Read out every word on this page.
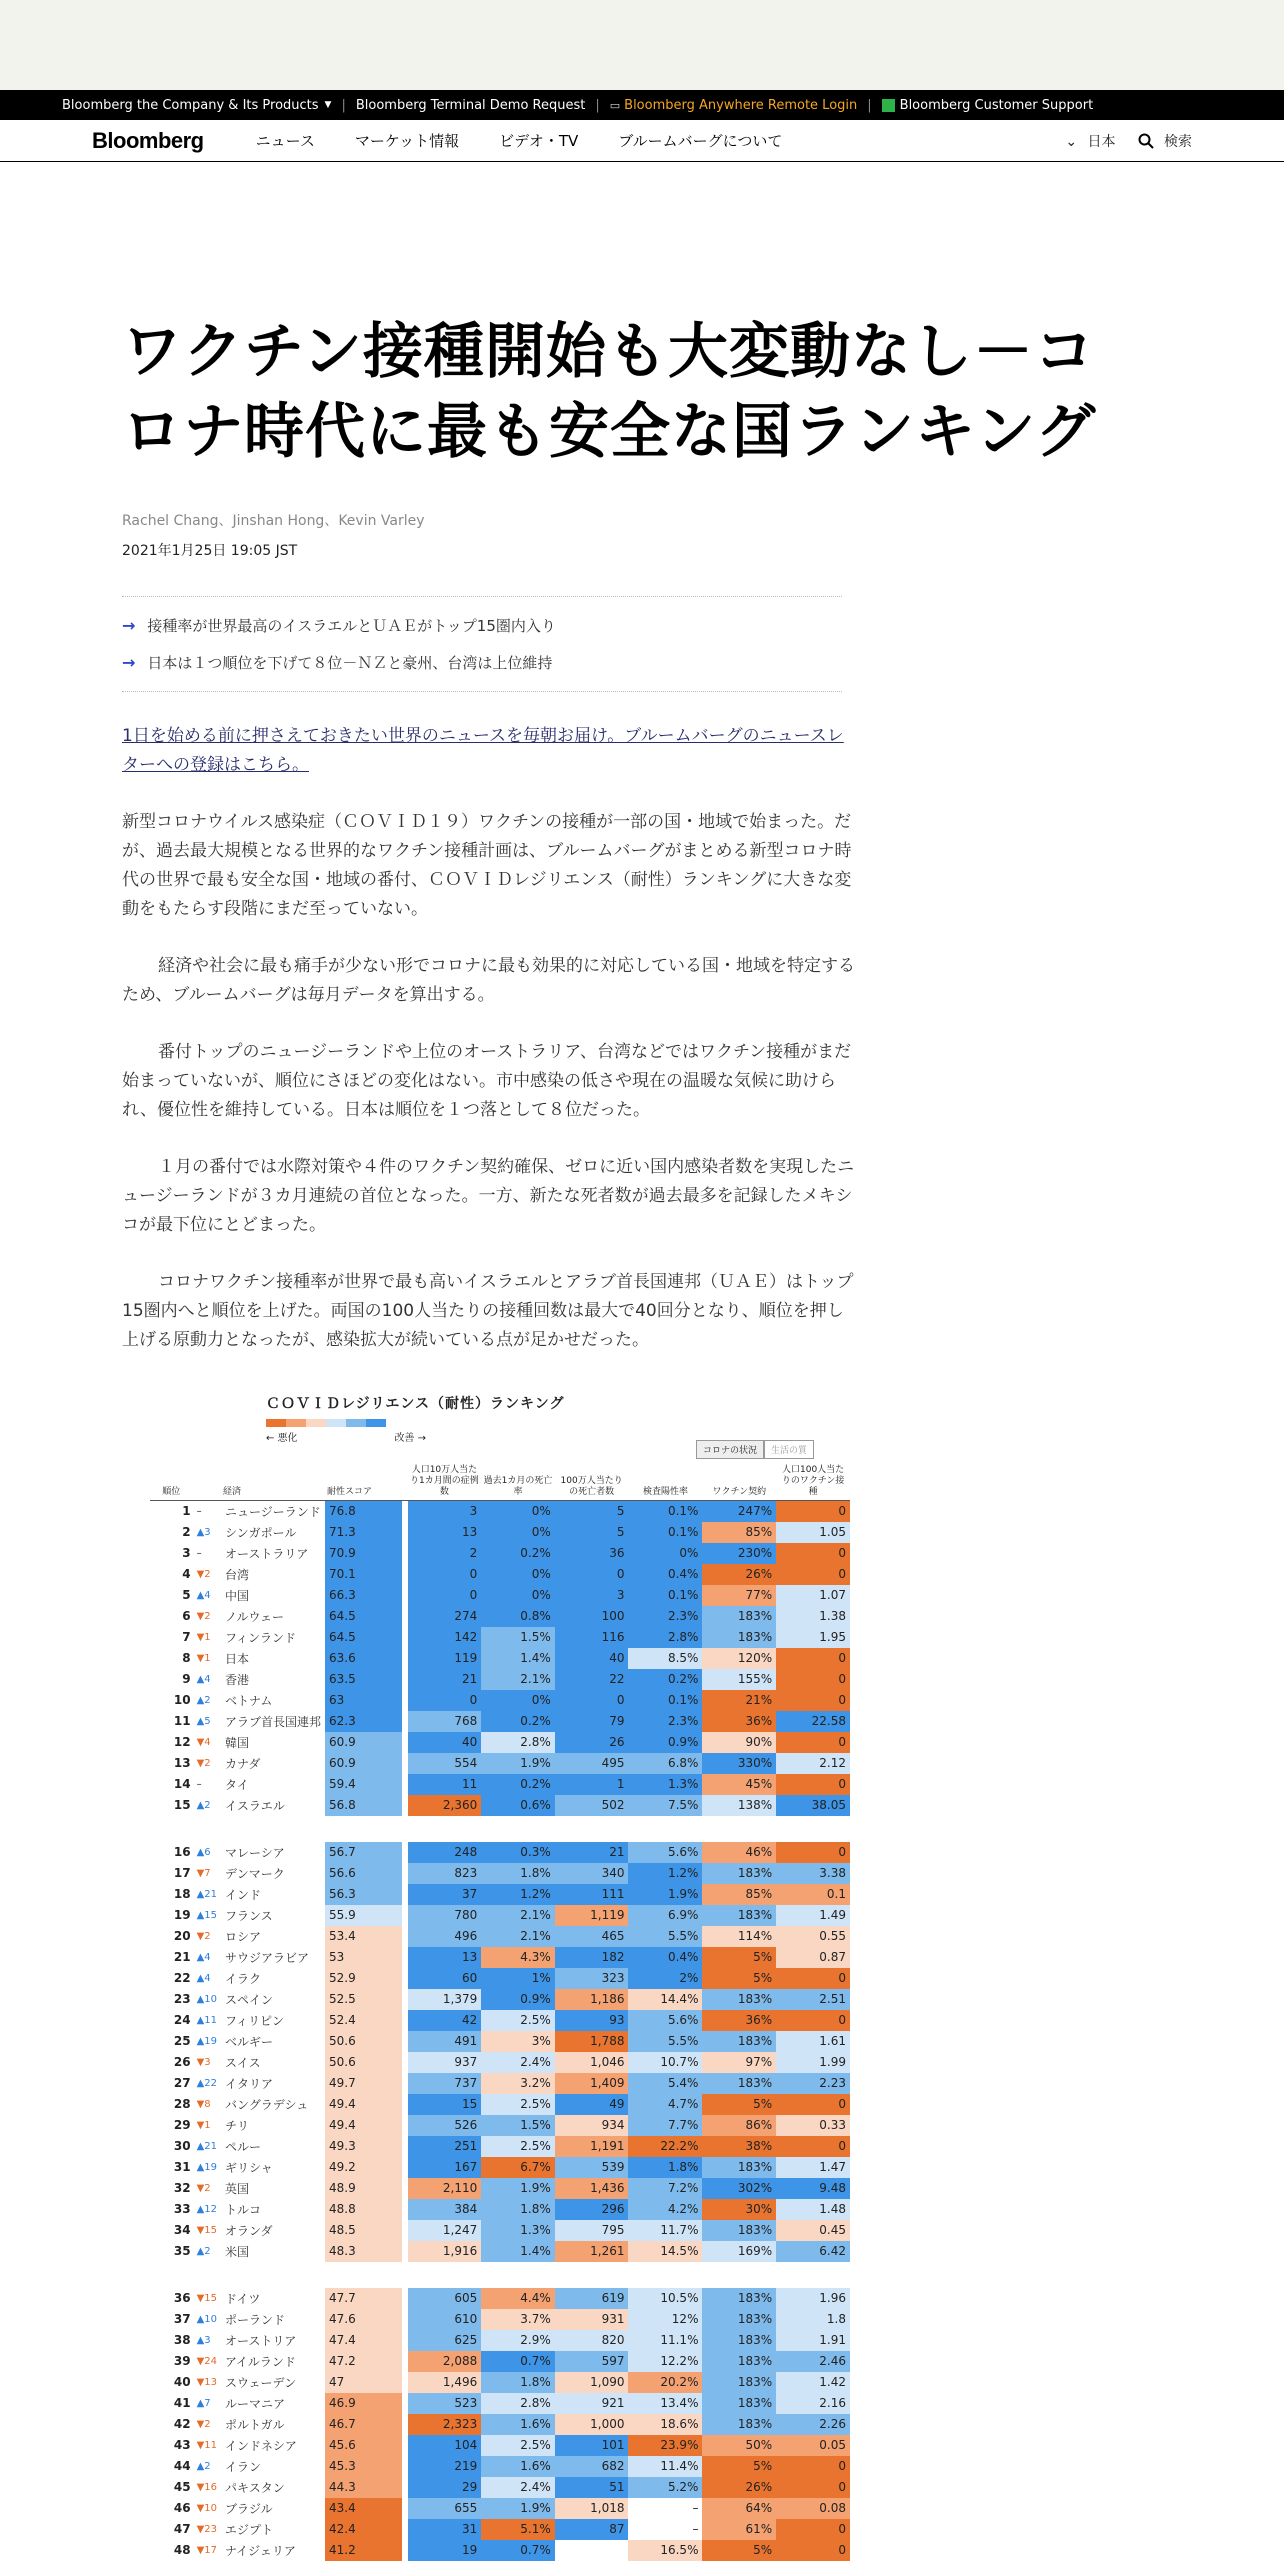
Bloomberg the Company & Its Products ▼ | Bloomberg Terminal Demo Request | ▭ Bloomberg Anywhere Remote Login | Bloomberg Customer Support
Bloomberg	ニュース	マーケット情報	ビデオ・TV	ブルームバーグについて	⌄ 日本	検索
ワクチン接種開始も大変動なし－コロナ時代に最も安全な国ランキング
Rachel Chang、Jinshan Hong、Kevin Varley
2021年1月25日 19:05 JST
→ 接種率が世界最高のイスラエルとＵＡＥがトップ15圏内入り
→ 日本は１つ順位を下げて８位－ＮＺと豪州、台湾は上位維持
1日を始める前に押さえておきたい世界のニュースを毎朝お届け。ブルームバーグのニュースレターへの登録はこちら。

新型コロナウイルス感染症（ＣＯＶＩＤ１９）ワクチンの接種が一部の国・地域で始まった。だが、過去最大規模となる世界的なワクチン接種計画は、ブルームバーグがまとめる新型コロナ時代の世界で最も安全な国・地域の番付、ＣＯＶＩＤレジリエンス（耐性）ランキングに大きな変動をもたらす段階にまだ至っていない。

経済や社会に最も痛手が少ない形でコロナに最も効果的に対応している国・地域を特定するため、ブルームバーグは毎月データを算出する。

番付トップのニュージーランドや上位のオーストラリア、台湾などではワクチン接種がまだ始まっていないが、順位にさほどの変化はない。市中感染の低さや現在の温暖な気候に助けられ、優位性を維持している。日本は順位を１つ落として８位だった。

１月の番付では水際対策や４件のワクチン契約確保、ゼロに近い国内感染者数を実現したニュージーランドが３カ月連続の首位となった。一方、新たな死者数が過去最多を記録したメキシコが最下位にとどまった。

コロナワクチン接種率が世界で最も高いイスラエルとアラブ首長国連邦（ＵＡＥ）はトップ15圏内へと順位を上げた。両国の100人当たりの接種回数は最大で40回分となり、順位を押し上げる原動力となったが、感染拡大が続いている点が足かせだった。

ＣＯＶＩＤレジリエンス（耐性）ランキング
← 悪化	改善 →
コロナの状況	生活の質
順位		経済	耐性スコア		人口10万人当たり1カ月間の症例数	過去1カ月の死亡率	100万人当たりの死亡者数	検査陽性率	ワクチン契約	人口100人当たりのワクチン接種
1	–	ニュージーランド	76.8		3	0%	5	0.1%	247%	0
2	▲3	シンガポール	71.3		13	0%	5	0.1%	85%	1.05
3	–	オーストラリア	70.9		2	0.2%	36	0%	230%	0
4	▼2	台湾	70.1		0	0%	0	0.4%	26%	0
5	▲4	中国	66.3		0	0%	3	0.1%	77%	1.07
6	▼2	ノルウェー	64.5		274	0.8%	100	2.3%	183%	1.38
7	▼1	フィンランド	64.5		142	1.5%	116	2.8%	183%	1.95
8	▼1	日本	63.6		119	1.4%	40	8.5%	120%	0
9	▲4	香港	63.5		21	2.1%	22	0.2%	155%	0
10	▲2	ベトナム	63		0	0%	0	0.1%	21%	0
11	▲5	アラブ首長国連邦	62.3		768	0.2%	79	2.3%	36%	22.58
12	▼4	韓国	60.9		40	2.8%	26	0.9%	90%	0
13	▼2	カナダ	60.9		554	1.9%	495	6.8%	330%	2.12
14	–	タイ	59.4		11	0.2%	1	1.3%	45%	0
15	▲2	イスラエル	56.8		2,360	0.6%	502	7.5%	138%	38.05

16	▲6	マレーシア	56.7		248	0.3%	21	5.6%	46%	0
17	▼7	デンマーク	56.6		823	1.8%	340	1.2%	183%	3.38
18	▲21	インド	56.3		37	1.2%	111	1.9%	85%	0.1
19	▲15	フランス	55.9		780	2.1%	1,119	6.9%	183%	1.49
20	▼2	ロシア	53.4		496	2.1%	465	5.5%	114%	0.55
21	▲4	サウジアラビア	53		13	4.3%	182	0.4%	5%	0.87
22	▲4	イラク	52.9		60	1%	323	2%	5%	0
23	▲10	スペイン	52.5		1,379	0.9%	1,186	14.4%	183%	2.51
24	▲11	フィリピン	52.4		42	2.5%	93	5.6%	36%	0
25	▲19	ベルギー	50.6		491	3%	1,788	5.5%	183%	1.61
26	▼3	スイス	50.6		937	2.4%	1,046	10.7%	97%	1.99
27	▲22	イタリア	49.7		737	3.2%	1,409	5.4%	183%	2.23
28	▼8	バングラデシュ	49.4		15	2.5%	49	4.7%	5%	0
29	▼1	チリ	49.4		526	1.5%	934	7.7%	86%	0.33
30	▲21	ペルー	49.3		251	2.5%	1,191	22.2%	38%	0
31	▲19	ギリシャ	49.2		167	6.7%	539	1.8%	183%	1.47
32	▼2	英国	48.9		2,110	1.9%	1,436	7.2%	302%	9.48
33	▲12	トルコ	48.8		384	1.8%	296	4.2%	30%	1.48
34	▼15	オランダ	48.5		1,247	1.3%	795	11.7%	183%	0.45
35	▲2	米国	48.3		1,916	1.4%	1,261	14.5%	169%	6.42

36	▼15	ドイツ	47.7		605	4.4%	619	10.5%	183%	1.96
37	▲10	ポーランド	47.6		610	3.7%	931	12%	183%	1.8
38	▲3	オーストリア	47.4		625	2.9%	820	11.1%	183%	1.91
39	▼24	アイルランド	47.2		2,088	0.7%	597	12.2%	183%	2.46
40	▼13	スウェーデン	47		1,496	1.8%	1,090	20.2%	183%	1.42
41	▲7	ルーマニア	46.9		523	2.8%	921	13.4%	183%	2.16
42	▼2	ポルトガル	46.7		2,323	1.6%	1,000	18.6%	183%	2.26
43	▼11	インドネシア	45.6		104	2.5%	101	23.9%	50%	0.05
44	▲2	イラン	45.3		219	1.6%	682	11.4%	5%	0
45	▼16	パキスタン	44.3		29	2.4%	51	5.2%	26%	0
46	▼10	ブラジル	43.4		655	1.9%	1,018	–	64%	0.08
47	▼23	エジプト	42.4		31	5.1%	87	–	61%	0
48	▼17	ナイジェリア	41.2		19	0.7%		16.5%	5%	0
